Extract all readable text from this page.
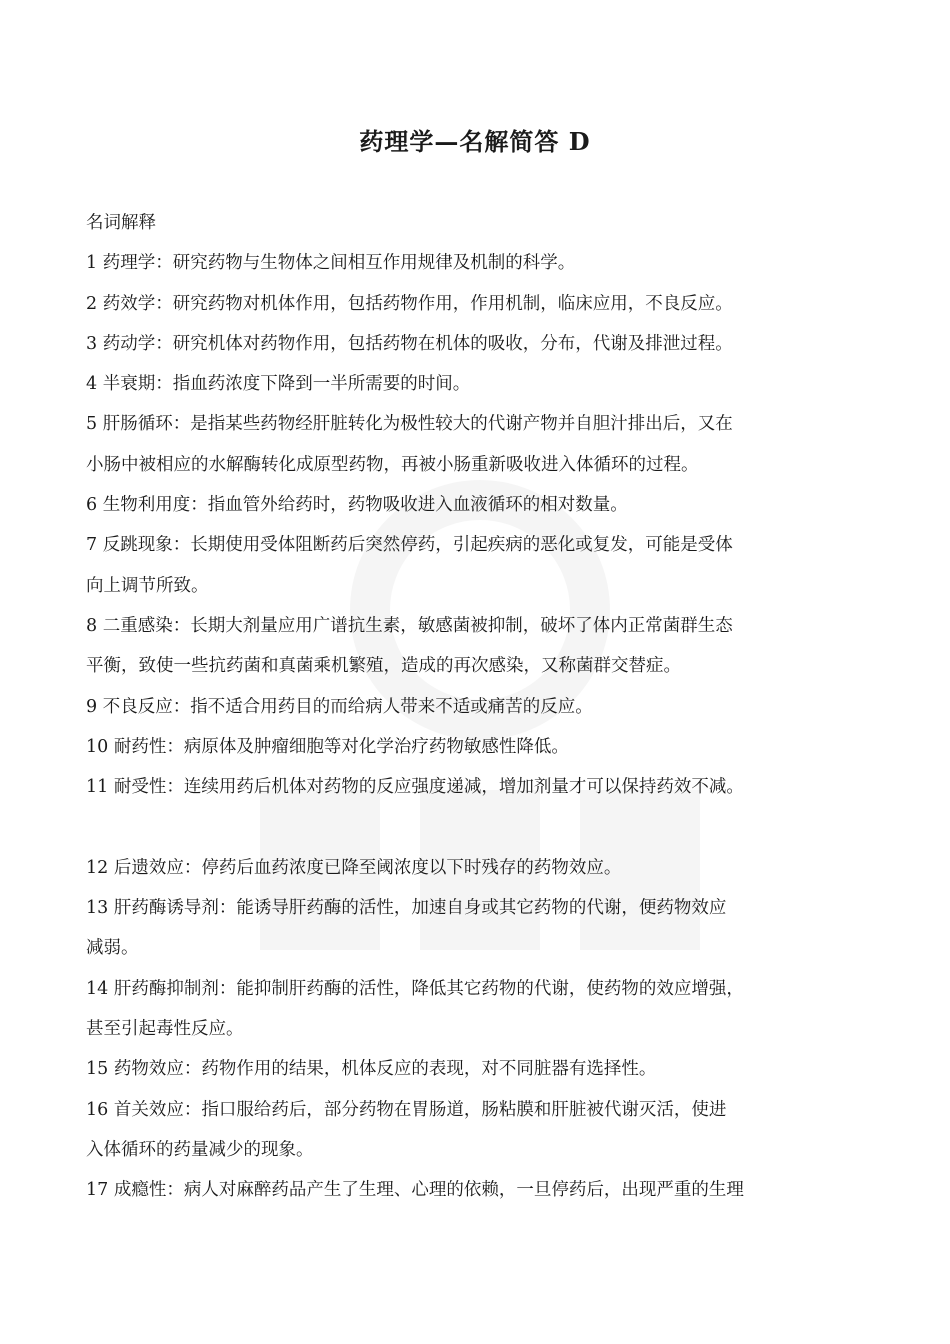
药理学—名解简答 D
名词解释
1 药理学：研究药物与生物体之间相互作用规律及机制的科学。
2 药效学：研究药物对机体作用，包括药物作用，作用机制，临床应用，不良反应。
3 药动学：研究机体对药物作用，包括药物在机体的吸收，分布，代谢及排泄过程。
4 半衰期：指血药浓度下降到一半所需要的时间。
5 肝肠循环：是指某些药物经肝脏转化为极性较大的代谢产物并自胆汁排出后，又在
小肠中被相应的水解酶转化成原型药物，再被小肠重新吸收进入体循环的过程。
6 生物利用度：指血管外给药时，药物吸收进入血液循环的相对数量。
7 反跳现象：长期使用受体阻断药后突然停药，引起疾病的恶化或复发，可能是受体
向上调节所致。
8 二重感染：长期大剂量应用广谱抗生素，敏感菌被抑制，破坏了体内正常菌群生态
平衡，致使一些抗药菌和真菌乘机繁殖，造成的再次感染，又称菌群交替症。
9 不良反应：指不适合用药目的而给病人带来不适或痛苦的反应。
10 耐药性：病原体及肿瘤细胞等对化学治疗药物敏感性降低。
11 耐受性：连续用药后机体对药物的反应强度递减，增加剂量才可以保持药效不减。
12 后遗效应：停药后血药浓度已降至阈浓度以下时残存的药物效应。
13 肝药酶诱导剂：能诱导肝药酶的活性，加速自身或其它药物的代谢，便药物效应
减弱。
14 肝药酶抑制剂：能抑制肝药酶的活性，降低其它药物的代谢，使药物的效应增强，
甚至引起毒性反应。
15 药物效应：药物作用的结果，机体反应的表现，对不同脏器有选择性。
16 首关效应：指口服给药后，部分药物在胃肠道，肠粘膜和肝脏被代谢灭活，使进
入体循环的药量减少的现象。
17 成瘾性：病人对麻醉药品产生了生理、心理的依赖，一旦停药后，出现严重的生理
